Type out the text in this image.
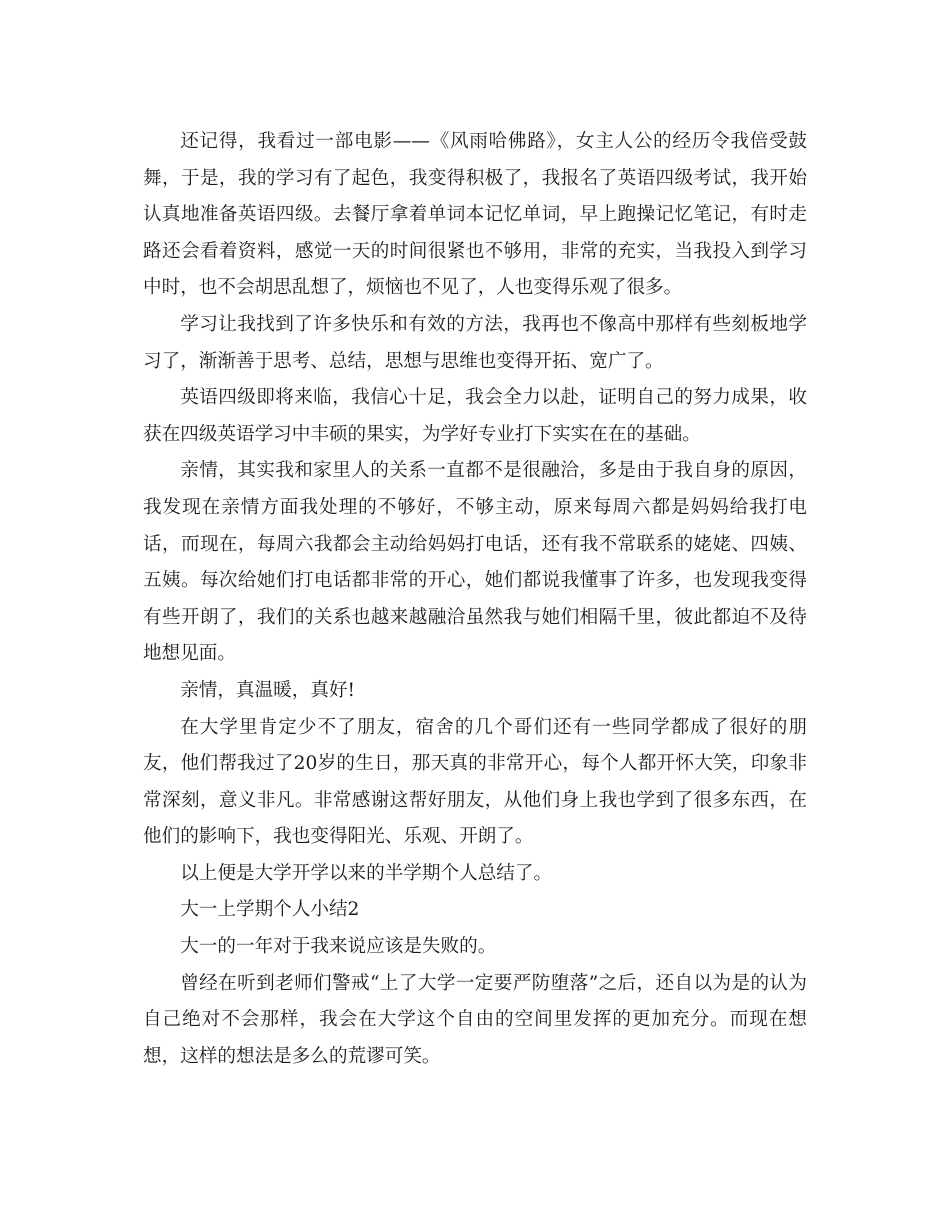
还记得，我看过一部电影——《风雨哈佛路》，女主人公的经历令我倍受鼓舞，于是，我的学习有了起色，我变得积极了，我报名了英语四级考试，我开始认真地准备英语四级。去餐厅拿着单词本记忆单词，早上跑操记忆笔记，有时走路还会看着资料，感觉一天的时间很紧也不够用，非常的充实，当我投入到学习中时，也不会胡思乱想了，烦恼也不见了，人也变得乐观了很多。

学习让我找到了许多快乐和有效的方法，我再也不像高中那样有些刻板地学习了，渐渐善于思考、总结，思想与思维也变得开拓、宽广了。

英语四级即将来临，我信心十足，我会全力以赴，证明自己的努力成果，收获在四级英语学习中丰硕的果实，为学好专业打下实实在在的基础。

亲情，其实我和家里人的关系一直都不是很融洽，多是由于我自身的原因，我发现在亲情方面我处理的不够好，不够主动，原来每周六都是妈妈给我打电话，而现在，每周六我都会主动给妈妈打电话，还有我不常联系的姥姥、四姨、五姨。每次给她们打电话都非常的开心，她们都说我懂事了许多，也发现我变得有些开朗了，我们的关系也越来越融洽虽然我与她们相隔千里，彼此都迫不及待地想见面。

亲情，真温暖，真好!

在大学里肯定少不了朋友，宿舍的几个哥们还有一些同学都成了很好的朋友，他们帮我过了20岁的生日，那天真的非常开心，每个人都开怀大笑，印象非常深刻，意义非凡。非常感谢这帮好朋友，从他们身上我也学到了很多东西，在他们的影响下，我也变得阳光、乐观、开朗了。

以上便是大学开学以来的半学期个人总结了。

大一上学期个人小结2

大一的一年对于我来说应该是失败的。

曾经在听到老师们警戒“上了大学一定要严防堕落”之后，还自以为是的认为自己绝对不会那样，我会在大学这个自由的空间里发挥的更加充分。而现在想想，这样的想法是多么的荒谬可笑。
